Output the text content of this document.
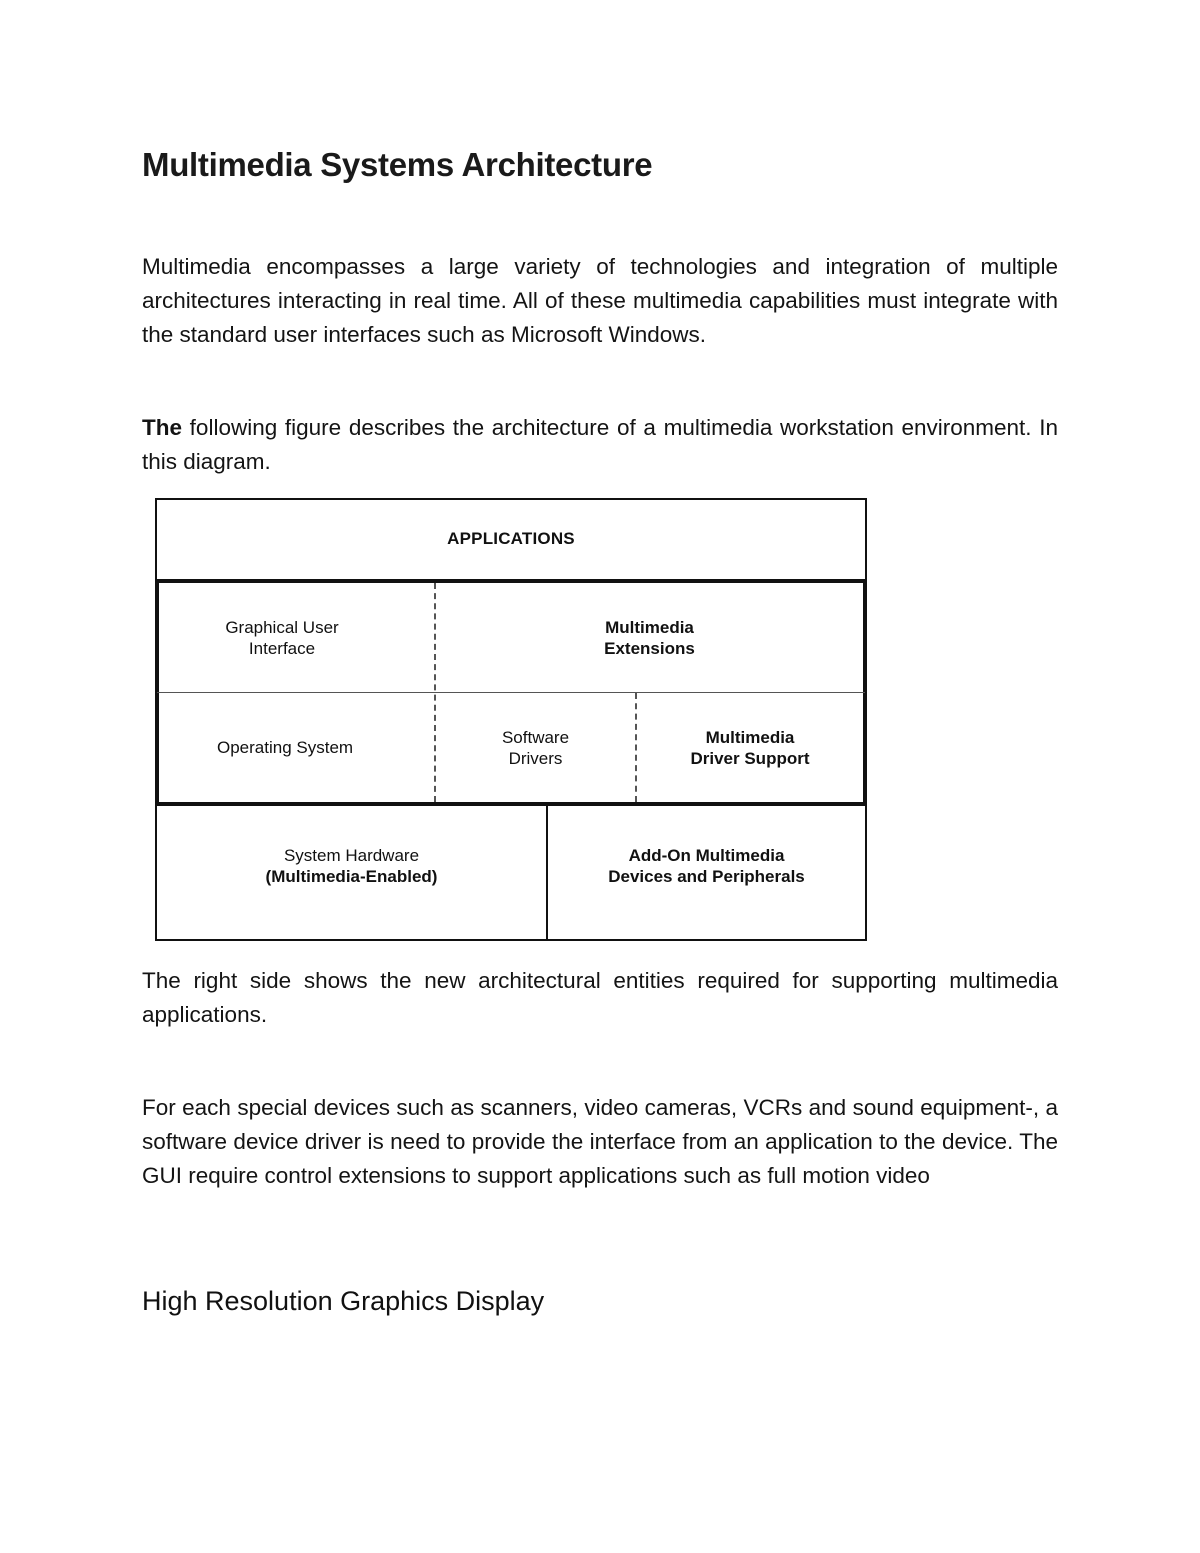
Multimedia Systems Architecture

Multimedia encompasses a large variety of technologies and integration of multiple architectures interacting in real time. All of these multimedia capabilities must integrate with the standard user interfaces such as Microsoft Windows.

The following figure describes the architecture of a multimedia workstation environment. In this diagram.

APPLICATIONS
Graphical User
Interface
Multimedia
Extensions
Operating System
Software
Drivers
Multimedia
Driver Support
System Hardware
(Multimedia-Enabled)
Add-On Multimedia
Devices and Peripherals

The right side shows the new architectural entities required for supporting multimedia applications.

For each special devices such as scanners, video cameras, VCRs and sound equipment-, a software device driver is need to provide the interface from an application to the device. The GUI require control extensions to support applications such as full motion video

High Resolution Graphics Display
